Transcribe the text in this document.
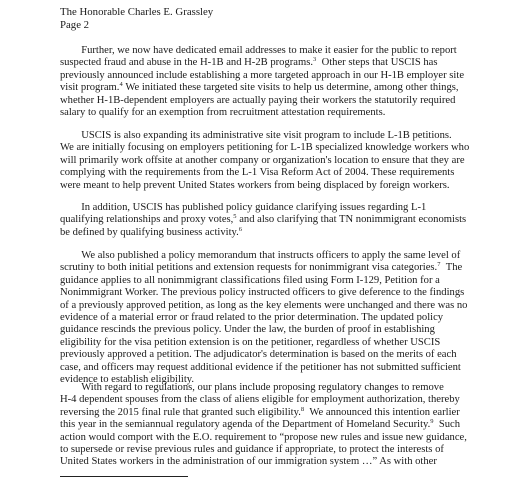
The Honorable Charles E. Grassley
Page 2
Further, we now have dedicated email addresses to make it easier for the public to report
suspected fraud and abuse in the H-1B and H-2B programs.$^3$  Other steps that USCIS has
previously announced include establishing a more targeted approach in our H-1B employer site
visit program.$^4$ We initiated these targeted site visits to help us determine, among other things,
whether H-1B-dependent employers are actually paying their workers the statutorily required
salary to qualify for an exemption from recruitment attestation requirements.
USCIS is also expanding its administrative site visit program to include L-1B petitions.
We are initially focusing on employers petitioning for L-1B specialized knowledge workers who
will primarily work offsite at another company or organization's location to ensure that they are
complying with the requirements from the L-1 Visa Reform Act of 2004. These requirements
were meant to help prevent United States workers from being displaced by foreign workers.
In addition, USCIS has published policy guidance clarifying issues regarding L-1
qualifying relationships and proxy votes,$^5$ and also clarifying that TN nonimmigrant economists
be defined by qualifying business activity.$^6$
We also published a policy memorandum that instructs officers to apply the same level of
scrutiny to both initial petitions and extension requests for nonimmigrant visa categories.$^7$  The
guidance applies to all nonimmigrant classifications filed using Form I-129, Petition for a
Nonimmigrant Worker. The previous policy instructed officers to give deference to the findings
of a previously approved petition, as long as the key elements were unchanged and there was no
evidence of a material error or fraud related to the prior determination. The updated policy
guidance rescinds the previous policy. Under the law, the burden of proof in establishing
eligibility for the visa petition extension is on the petitioner, regardless of whether USCIS
previously approved a petition. The adjudicator's determination is based on the merits of each
case, and officers may request additional evidence if the petitioner has not submitted sufficient
evidence to establish eligibility.
With regard to regulations, our plans include proposing regulatory changes to remove
H-4 dependent spouses from the class of aliens eligible for employment authorization, thereby
reversing the 2015 final rule that granted such eligibility.$^8$  We announced this intention earlier
this year in the semiannual regulatory agenda of the Department of Homeland Security.$^9$  Such
action would comport with the E.O. requirement to “propose new rules and issue new guidance,
to supersede or revise previous rules and guidance if appropriate, to protect the interests of
United States workers in the administration of our immigration system …” As with other
